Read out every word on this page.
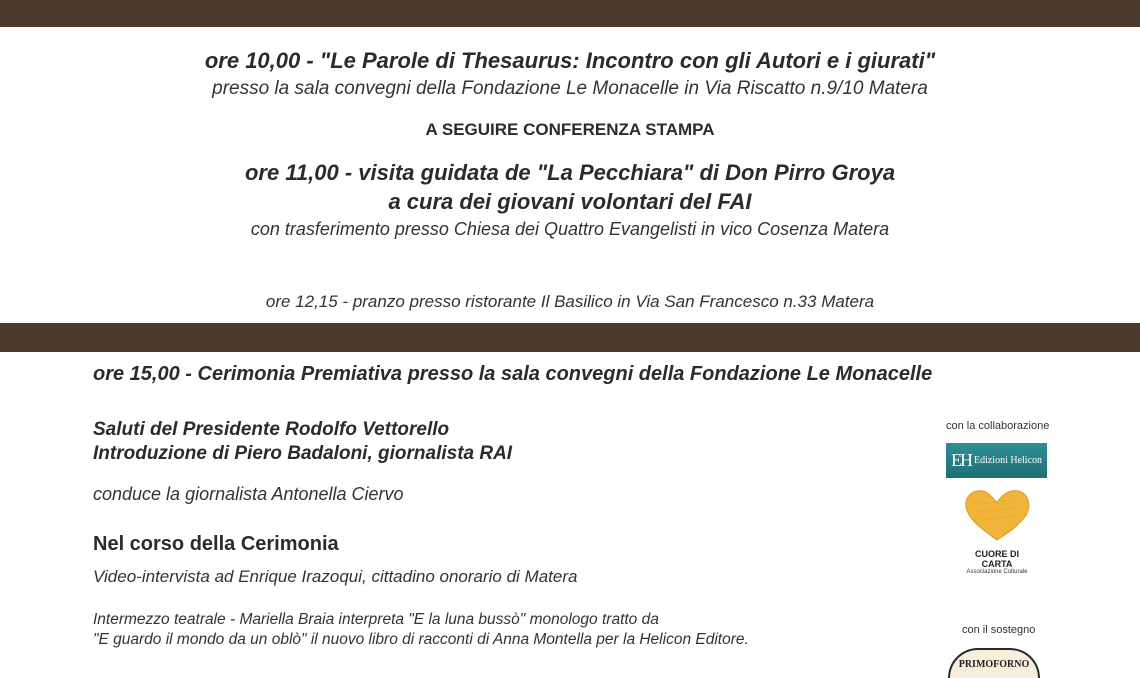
ore 10,00 - "Le Parole di Thesaurus: Incontro con gli Autori e i giurati"
presso la sala convegni della Fondazione Le Monacelle in Via Riscatto n.9/10 Matera
A SEGUIRE CONFERENZA STAMPA
ore 11,00 - visita guidata de "La Pecchiara" di Don Pirro Groya
a cura dei giovani volontari del FAI
con trasferimento presso Chiesa dei Quattro Evangelisti in vico Cosenza Matera
ore 12,15 - pranzo presso ristorante Il Basilico in Via San Francesco n.33 Matera
ore 15,00 - Cerimonia Premiativa presso la sala convegni della Fondazione Le Monacelle
Saluti del Presidente Rodolfo Vettorello
Introduzione di Piero Badaloni, giornalista RAI
conduce la giornalista Antonella Ciervo
Nel corso della Cerimonia
Video-intervista ad Enrique Irazoqui, cittadino onorario di Matera
Intermezzo teatrale - Mariella Braia interpreta "E la luna bussò" monologo tratto da
"E guardo il mondo da un oblò" il nuovo libro di racconti di Anna Montella per la Helicon Editore.
con la collaborazione
EH Edizioni Helicon
CUORE DI CARTA
Associazione Culturale
con il sostegno
PRIMOFORNO
